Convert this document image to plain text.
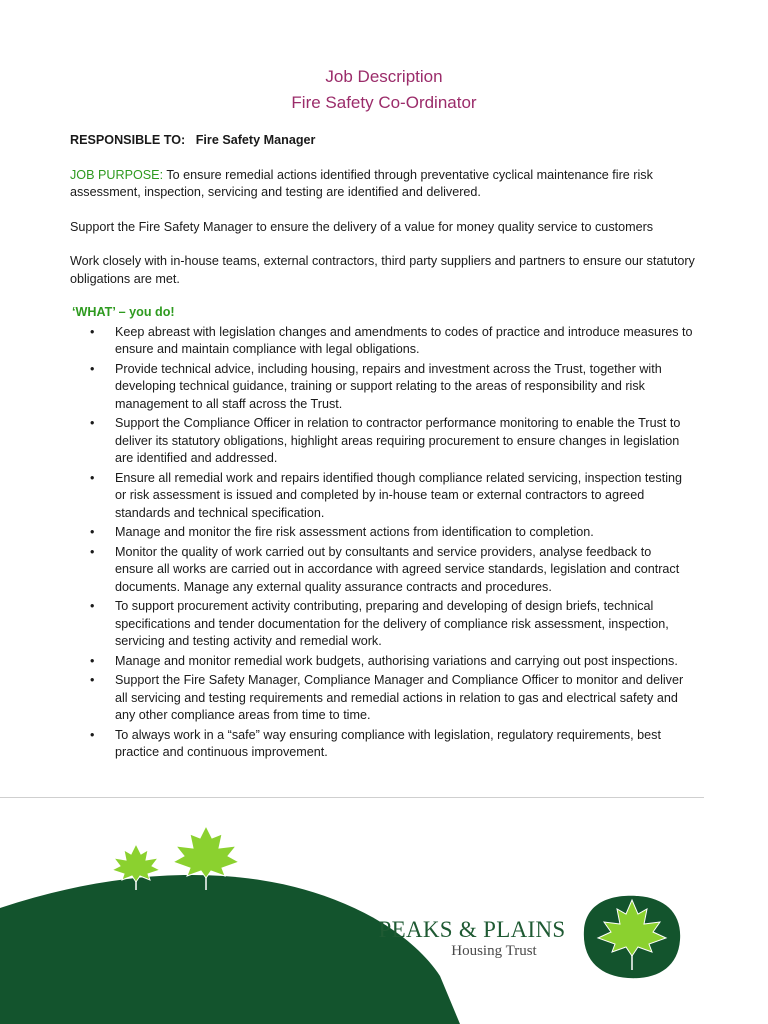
Job Description
Fire Safety Co-Ordinator

RESPONSIBLE TO: Fire Safety Manager

JOB PURPOSE: To ensure remedial actions identified through preventative cyclical maintenance fire risk assessment, inspection, servicing and testing are identified and delivered.

Support the Fire Safety Manager to ensure the delivery of a value for money quality service to customers

Work closely with in-house teams, external contractors, third party suppliers and partners to ensure our statutory obligations are met.

‘WHAT’ – you do!

• Keep abreast with legislation changes and amendments to codes of practice and introduce measures to ensure and maintain compliance with legal obligations.
• Provide technical advice, including housing, repairs and investment across the Trust, together with developing technical guidance, training or support relating to the areas of responsibility and risk management to all staff across the Trust.
• Support the Compliance Officer in relation to contractor performance monitoring to enable the Trust to deliver its statutory obligations, highlight areas requiring procurement to ensure changes in legislation are identified and addressed.
• Ensure all remedial work and repairs identified though compliance related servicing, inspection testing or risk assessment is issued and completed by in-house team or external contractors to agreed standards and technical specification.
• Manage and monitor the fire risk assessment actions from identification to completion.
• Monitor the quality of work carried out by consultants and service providers, analyse feedback to ensure all works are carried out in accordance with agreed service standards, legislation and contract documents. Manage any external quality assurance contracts and procedures.
• To support procurement activity contributing, preparing and developing of design briefs, technical specifications and tender documentation for the delivery of compliance risk assessment, inspection, servicing and testing activity and remedial work.
• Manage and monitor remedial work budgets, authorising variations and carrying out post inspections.
• Support the Fire Safety Manager, Compliance Manager and Compliance Officer to monitor and deliver all servicing and testing requirements and remedial actions in relation to gas and electrical safety and any other compliance areas from time to time.
• To always work in a “safe” way ensuring compliance with legislation, regulatory requirements, best practice and continuous improvement.
PEAKS & PLAINS
Housing Trust
